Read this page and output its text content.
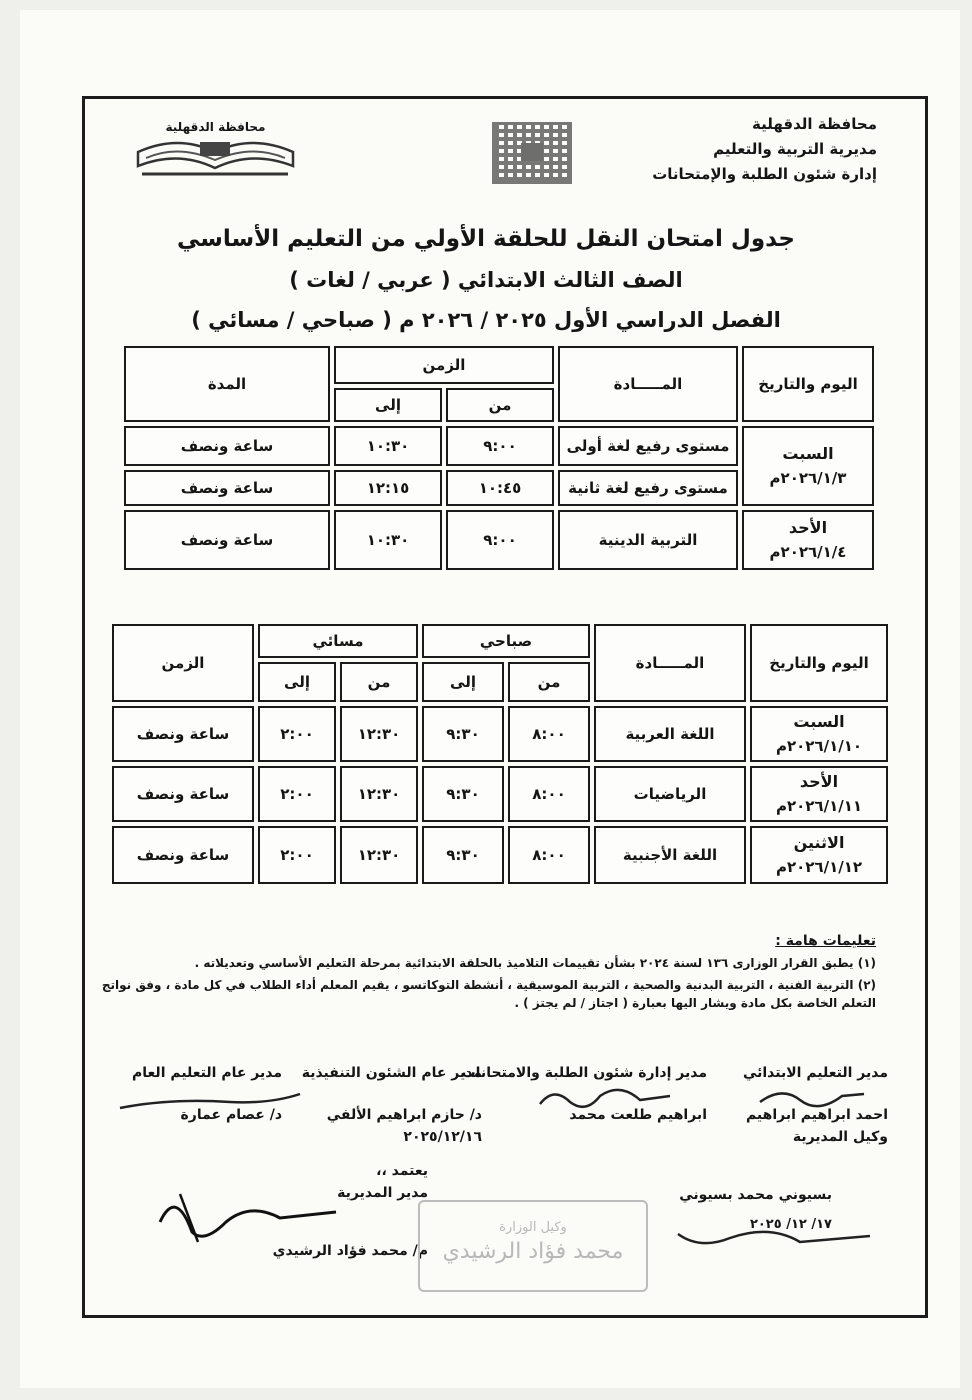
محافظة الدقهلية
مديرية التربية والتعليم
إدارة شئون الطلبة والإمتحانات
محافظة الدقهلية
جدول امتحان النقل للحلقة الأولي من التعليم الأساسي
الصف الثالث الابتدائي ( عربي / لغات )
الفصل الدراسي الأول ٢٠٢٥ / ٢٠٢٦ م ( صباحي / مسائي )
اليوم والتاريخ	المـــــادة	الزمن		المدة
		من	إلى	

السبت
٢٠٢٦/١/٣م	مستوى رفيع لغة أولى	٩:٠٠	١٠:٣٠	ساعة ونصف
	مستوى رفيع لغة ثانية	١٠:٤٥	١٢:١٥	ساعة ونصف

الأحد
٢٠٢٦/١/٤م	التربية الدينية	٩:٠٠	١٠:٣٠	ساعة ونصف
اليوم والتاريخ	المـــــادة	صباحي		مسائي		الزمن
		من	إلى	من	إلى	

السبت
٢٠٢٦/١/١٠م	اللغة العربية	٨:٠٠	٩:٣٠	١٢:٣٠	٢:٠٠	ساعة ونصف

الأحد
٢٠٢٦/١/١١م	الرياضيات	٨:٠٠	٩:٣٠	١٢:٣٠	٢:٠٠	ساعة ونصف

الاثنين
٢٠٢٦/١/١٢م	اللغة الأجنبية	٨:٠٠	٩:٣٠	١٢:٣٠	٢:٠٠	ساعة ونصف
تعليمات هامة :

(١) يطبق القرار الوزارى ١٣٦ لسنة ٢٠٢٤ بشأن تقييمات التلاميذ بالحلقة الابتدائية بمرحلة التعليم الأساسي وتعديلاته .

(٢) التربية الفنية ، التربية البدنية والصحية ، التربية الموسيقية ، أنشطة التوكاتسو ، يقيم المعلم أداء الطلاب في كل مادة ، وفق نواتج التعلم الخاصة بكل مادة ويشار اليها بعبارة ( اجتاز / لم يجتز ) .

مدير التعليم الابتدائي
احمد ابراهيم ابراهيم
وكيل المديرية
مدير إدارة شئون الطلبة والامتحانات
ابراهيم طلعت محمد
مدير عام الشئون التنفيذية
د/ حازم ابراهيم الألفي
٢٠٢٥/١٢/١٦
مدير عام التعليم العام
د/ عصام عمارة
يعتمد ،،
مدير المديرية
م/ محمد فؤاد الرشيدي
بسيوني محمد بسيوني
١٧/ ١٢/ ٢٠٢٥
وكيل الوزارة
محمد فؤاد الرشيدي
